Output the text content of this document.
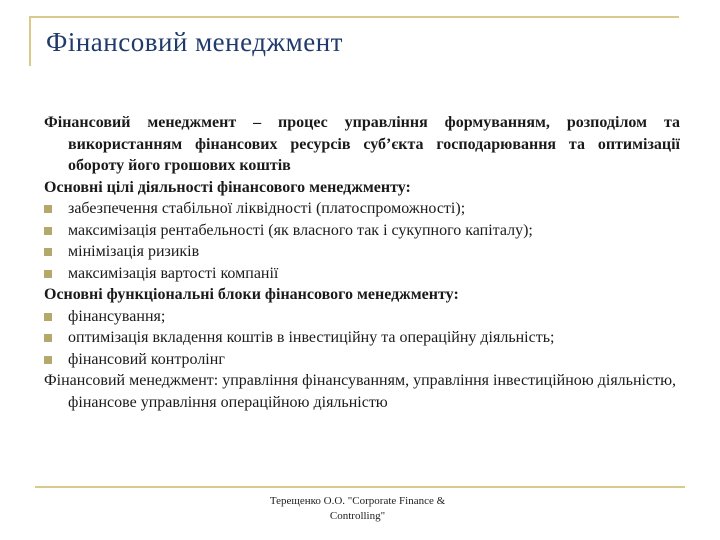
Фінансовий менеджмент

Фінансовий менеджмент – процес управління формуванням, розподілом та використанням фінансових ресурсів суб’єкта господарювання та оптимізації обороту його грошових коштів

Основні цілі діяльності фінансового менеджменту:

забезпечення стабільної ліквідності (платоспроможності);
максимізація рентабельності (як власного так і сукупного капіталу);
мінімізація ризиків
максимізація вартості компанії

Основні функціональні блоки фінансового менеджменту:

фінансування;
оптимізація вкладення коштів в інвестиційну та операційну діяльність;
фінансовий контролінг

Фінансовий менеджмент: управління фінансуванням, управління інвестиційною діяльністю, фінансове управління операційною діяльністю

Терещенко О.О. "Corporate Finance &
Controlling"
